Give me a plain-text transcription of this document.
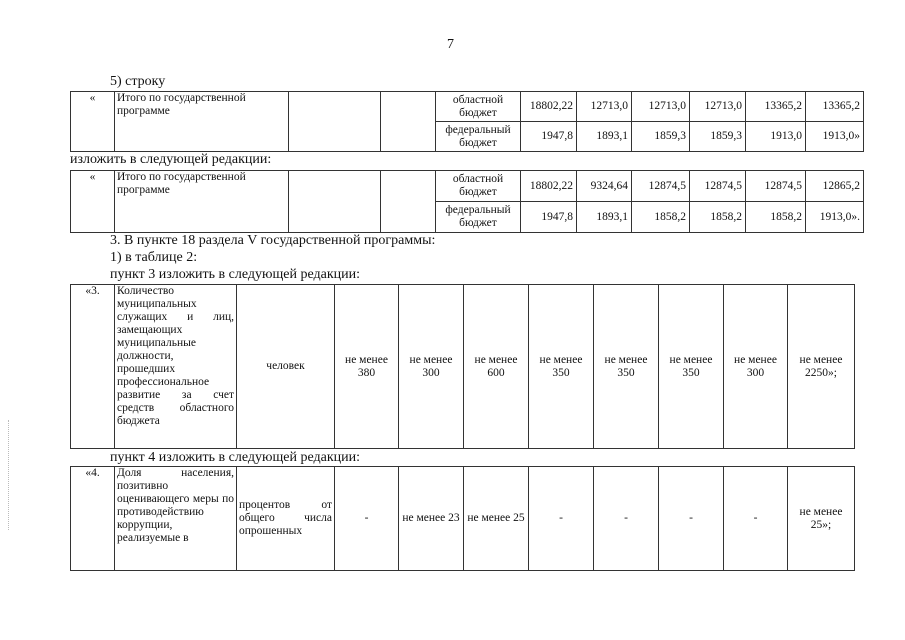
7
5) строку
«	Итого по государственной программе			областной бюджет	18802,22	12713,0	12713,0	12713,0	13365,2	13365,2
				федеральный бюджет	1947,8	1893,1	1859,3	1859,3	1913,0	1913,0»
изложить в следующей редакции:
«	Итого по государственной программе			областной бюджет	18802,22	9324,64	12874,5	12874,5	12874,5	12865,2
				федеральный бюджет	1947,8	1893,1	1858,2	1858,2	1858,2	1913,0».
3. В пункте 18 раздела V государственной программы:
1) в таблице 2:
пункт 3 изложить в следующей редакции:
«3.	Количество муниципальных служащих и лиц, замещающих муниципальные должности, прошедших профессиональное развитие за счет средств областного бюджета	человек	не менее 380	не менее 300	не менее 600	не менее 350	не менее 350	не менее 350	не менее 300	не менее 2250»;
пункт 4 изложить в следующей редакции:
«4.	Доля населения, позитивно оценивающего меры по противодействию коррупции, реализуемые в	процентов от общего числа опрошенных	-	не менее 23	не менее 25	-	-	-	-	не менее 25»;
